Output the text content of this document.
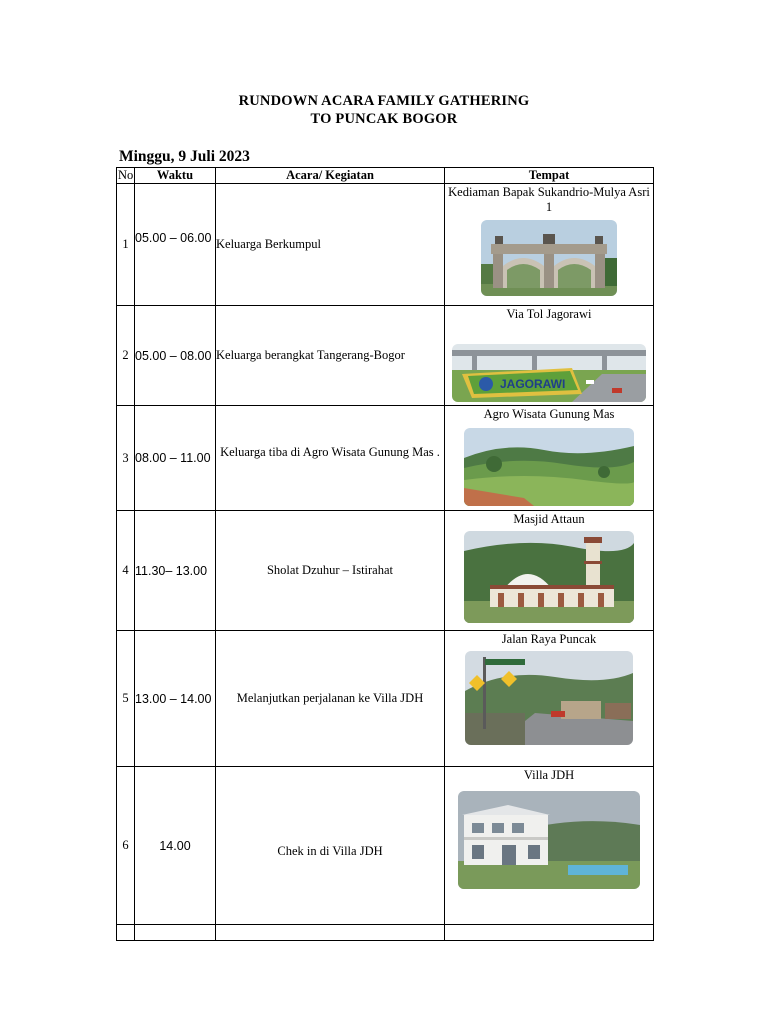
RUNDOWN ACARA FAMILY GATHERING
TO PUNCAK BOGOR
Minggu, 9 Juli 2023
No	Waktu	Acara/ Kegiatan	Tempat
1	05.00 – 06.00	Keluarga Berkumpul	Kediaman Bapak Sukandrio-Mulya Asri 1

2	05.00 – 08.00	Keluarga berangkat Tangerang-Bogor	Via Tol Jagorawi
JAGORAWI

3	08.00 – 11.00	Keluarga tiba di Agro Wisata Gunung Mas .	Agro Wisata Gunung Mas

4	11.30– 13.00	Sholat Dzuhur – Istirahat	Masjid Attaun

5	13.00 – 14.00	Melanjutkan perjalanan ke Villa JDH	Jalan Raya Puncak

6	14.00	Chek in di Villa JDH	Villa JDH
